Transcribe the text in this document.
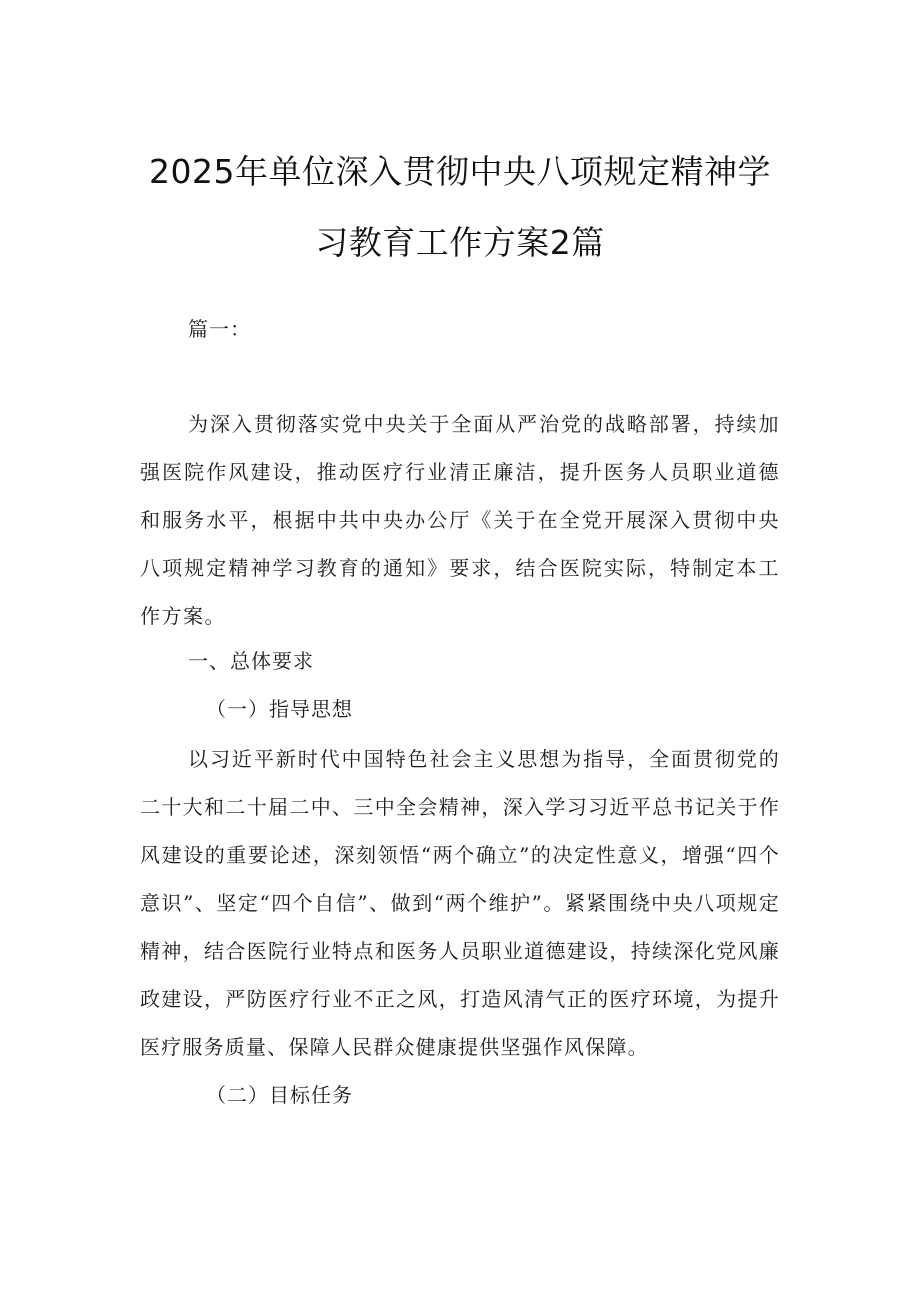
2025年单位深入贯彻中央八项规定精神学
习教育工作方案2篇

篇一：

为深入贯彻落实党中央关于全面从严治党的战略部署，持续加强医院作风建设，推动医疗行业清正廉洁，提升医务人员职业道德和服务水平，根据中共中央办公厅《关于在全党开展深入贯彻中央八项规定精神学习教育的通知》要求，结合医院实际，特制定本工作方案。

一、总体要求

（一）指导思想

以习近平新时代中国特色社会主义思想为指导，全面贯彻党的二十大和二十届二中、三中全会精神，深入学习习近平总书记关于作风建设的重要论述，深刻领悟“两个确立”的决定性意义，增强“四个意识”、坚定“四个自信”、做到“两个维护”。紧紧围绕中央八项规定精神，结合医院行业特点和医务人员职业道德建设，持续深化党风廉政建设，严防医疗行业不正之风，打造风清气正的医疗环境，为提升医疗服务质量、保障人民群众健康提供坚强作风保障。

（二）目标任务
